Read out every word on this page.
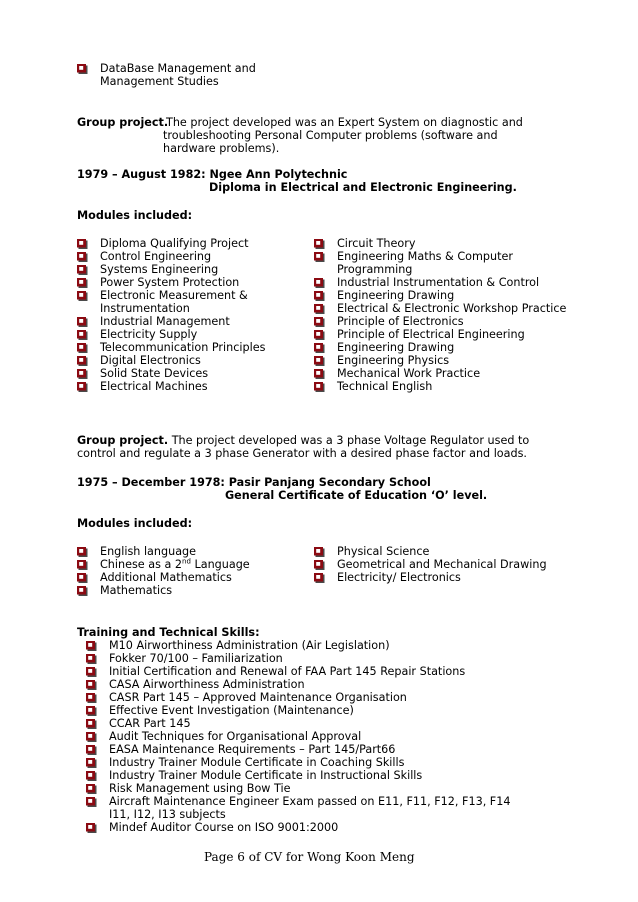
DataBase Management and
Management Studies
Group project.
The project developed was an Expert System on diagnostic and
troubleshooting Personal Computer problems (software and
hardware problems).
1979 – August 1982: Ngee Ann Polytechnic
Diploma in Electrical and Electronic Engineering.
Modules included:
Diploma Qualifying Project
Control Engineering
Systems Engineering
Power System Protection
Electronic Measurement &
Instrumentation
Industrial Management
Electricity Supply
Telecommunication Principles
Digital Electronics
Solid State Devices
Electrical Machines
Circuit Theory
Engineering Maths & Computer
Programming
Industrial Instrumentation & Control
Engineering Drawing
Electrical & Electronic Workshop Practice
Principle of Electronics
Principle of Electrical Engineering
Engineering Drawing
Engineering Physics
Mechanical Work Practice
Technical English
Group project. The project developed was a 3 phase Voltage Regulator used to
control and regulate a 3 phase Generator with a desired phase factor and loads.
1975 – December 1978: Pasir Panjang Secondary School
General Certificate of Education ‘O’ level.
Modules included:
English language
Chinese as a 2nd Language
Additional Mathematics
Mathematics
Physical Science
Geometrical and Mechanical Drawing
Electricity/ Electronics
Training and Technical Skills:
M10 Airworthiness Administration (Air Legislation)
Fokker 70/100 – Familiarization
Initial Certification and Renewal of FAA Part 145 Repair Stations
CASA Airworthiness Administration
CASR Part 145 – Approved Maintenance Organisation
Effective Event Investigation (Maintenance)
CCAR Part 145
Audit Techniques for Organisational Approval
EASA Maintenance Requirements – Part 145/Part66
Industry Trainer Module Certificate in Coaching Skills
Industry Trainer Module Certificate in Instructional Skills
Risk Management using Bow Tie
Aircraft Maintenance Engineer Exam passed on E11, F11, F12, F13, F14
I11, I12, I13 subjects
Mindef Auditor Course on ISO 9001:2000
Page 6 of CV for Wong Koon Meng
